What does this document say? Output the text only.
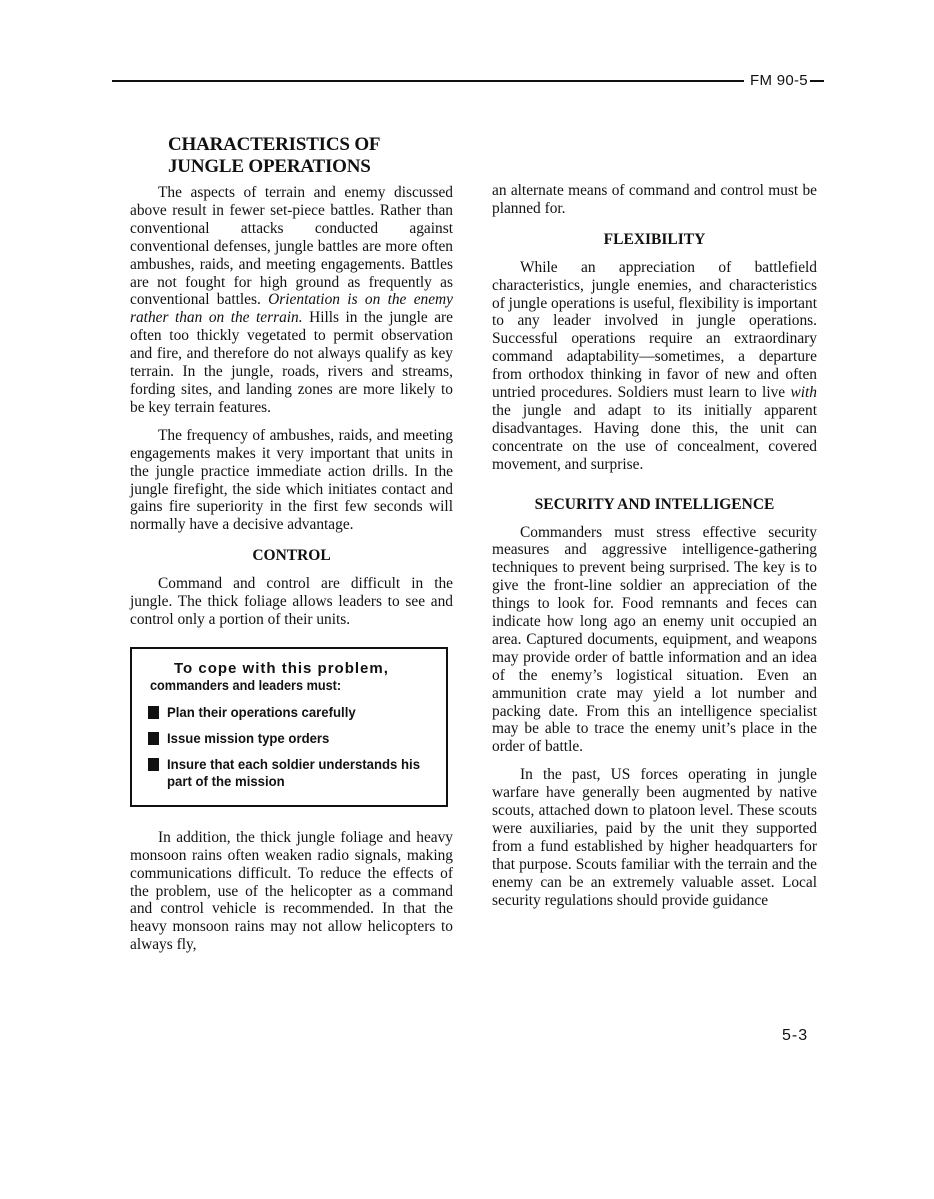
FM 90-5
CHARACTERISTICS OF
JUNGLE OPERATIONS

The aspects of terrain and enemy discussed above result in fewer set-piece battles. Rather than conventional attacks conducted against conventional defenses, jungle battles are more often ambushes, raids, and meeting engagements. Battles are not fought for high ground as frequently as conventional battles. Orientation is on the enemy rather than on the terrain. Hills in the jungle are often too thickly vegetated to permit observation and fire, and therefore do not always qualify as key terrain. In the jungle, roads, rivers and streams, fording sites, and landing zones are more likely to be key terrain features.

The frequency of ambushes, raids, and meeting engagements makes it very important that units in the jungle practice immediate action drills. In the jungle firefight, the side which initiates contact and gains fire superiority in the first few seconds will normally have a decisive advantage.

CONTROL

Command and control are difficult in the jungle. The thick foliage allows leaders to see and control only a portion of their units.

To cope with this problem,
commanders and leaders must:
Plan their operations carefully
Issue mission type orders
Insure that each soldier understands his part of the mission

In addition, the thick jungle foliage and heavy monsoon rains often weaken radio signals, making communications difficult. To reduce the effects of the problem, use of the helicopter as a command and control vehicle is recommended. In that the heavy monsoon rains may not allow helicopters to always fly,

an alternate means of command and control must be planned for.

FLEXIBILITY

While an appreciation of battlefield characteristics, jungle enemies, and characteristics of jungle operations is useful, flexibility is important to any leader involved in jungle operations. Successful operations require an extraordinary command adaptability—sometimes, a departure from orthodox thinking in favor of new and often untried procedures. Soldiers must learn to live with the jungle and adapt to its initially apparent disadvantages. Having done this, the unit can concentrate on the use of concealment, covered movement, and surprise.

SECURITY AND INTELLIGENCE

Commanders must stress effective security measures and aggressive intelligence-gathering techniques to prevent being surprised. The key is to give the front-line soldier an appreciation of the things to look for. Food remnants and feces can indicate how long ago an enemy unit occupied an area. Captured documents, equipment, and weapons may provide order of battle information and an idea of the enemy’s logistical situation. Even an ammunition crate may yield a lot number and packing date. From this an intelligence specialist may be able to trace the enemy unit’s place in the order of battle.

In the past, US forces operating in jungle warfare have generally been augmented by native scouts, attached down to platoon level. These scouts were auxiliaries, paid by the unit they supported from a fund established by higher headquarters for that purpose. Scouts familiar with the terrain and the enemy can be an extremely valuable asset. Local security regulations should provide guidance

5-3
